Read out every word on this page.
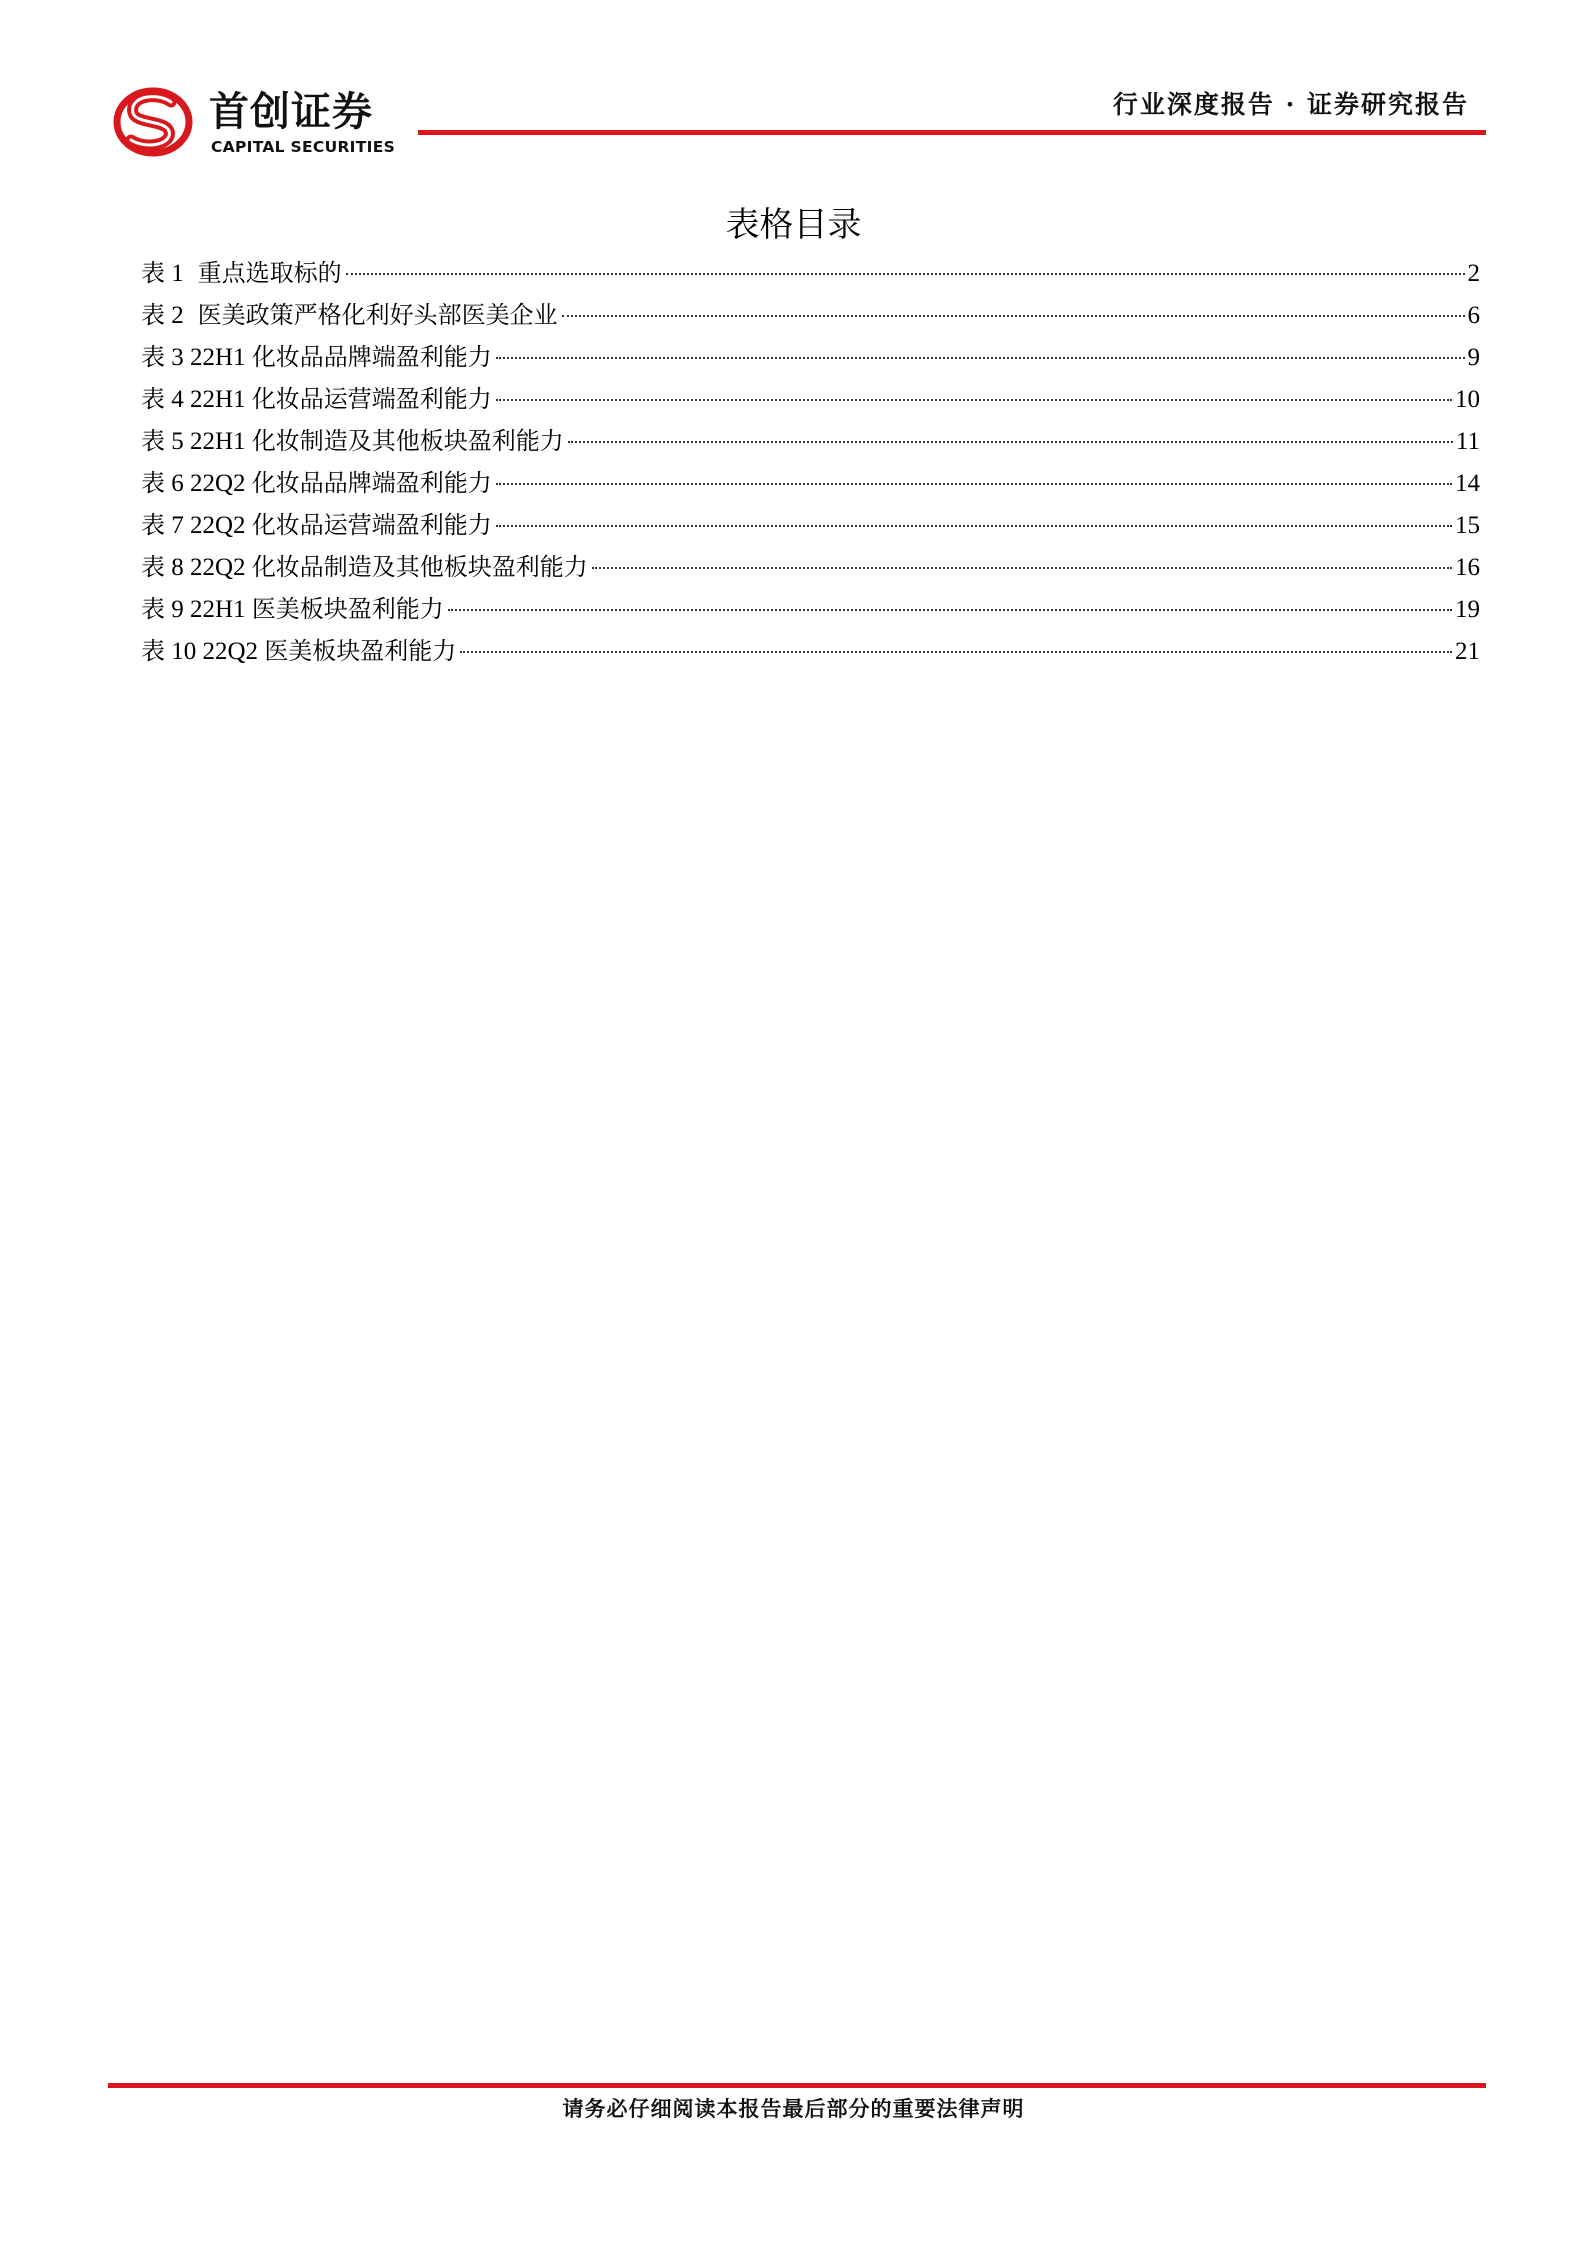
首创证券
CAPITAL SECURITIES
行业深度报告 · 证券研究报告
表格目录
表 1  重点选取标的	2
表 2  医美政策严格化利好头部医美企业	6
表 3 22H1 化妆品品牌端盈利能力	9
表 4 22H1 化妆品运营端盈利能力	10
表 5 22H1 化妆制造及其他板块盈利能力	11
表 6 22Q2 化妆品品牌端盈利能力	14
表 7 22Q2 化妆品运营端盈利能力	15
表 8 22Q2 化妆品制造及其他板块盈利能力	16
表 9 22H1 医美板块盈利能力	19
表 10 22Q2 医美板块盈利能力	21
请务必仔细阅读本报告最后部分的重要法律声明
